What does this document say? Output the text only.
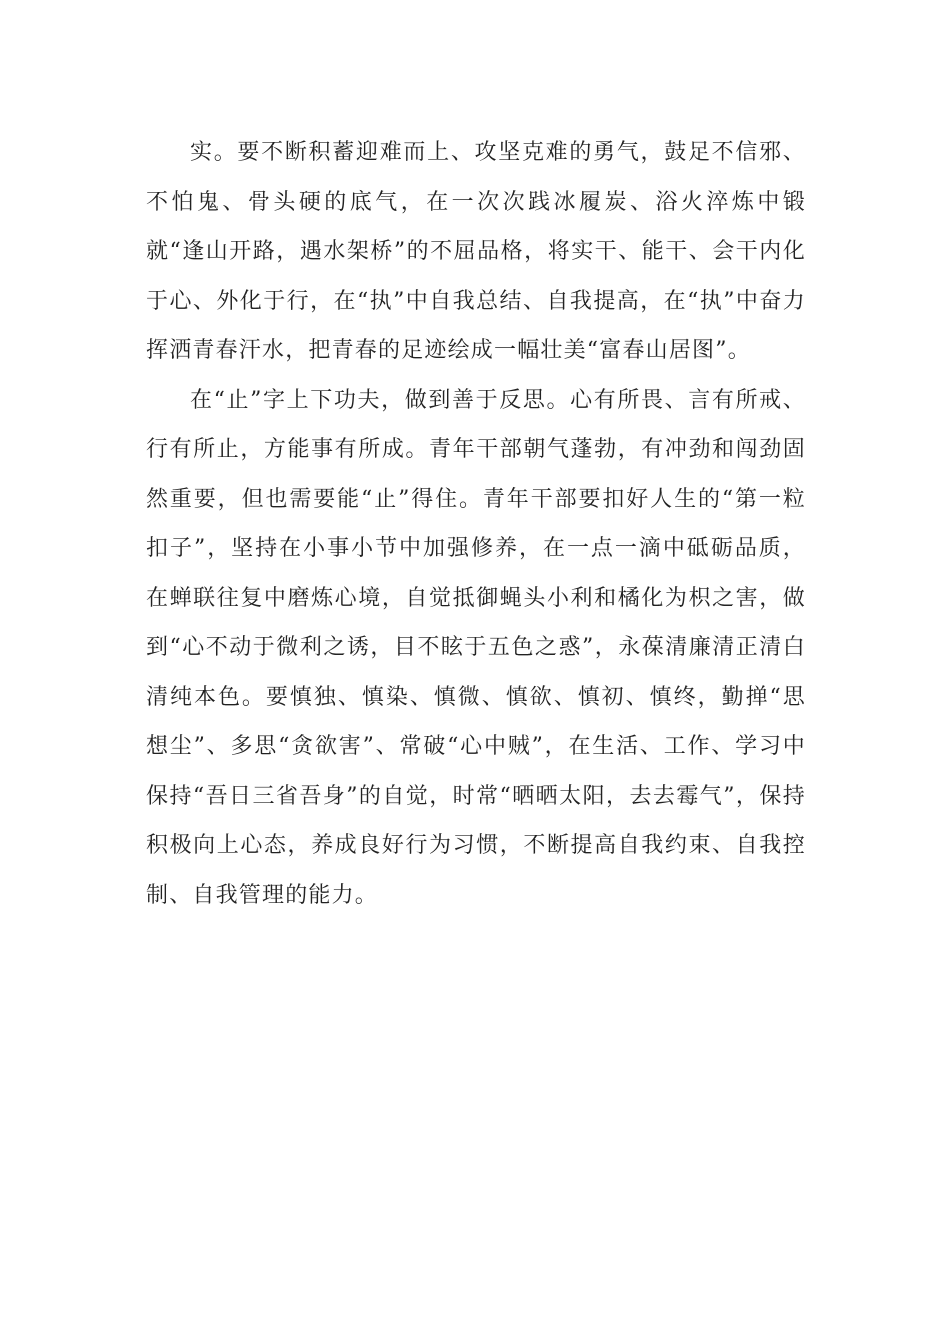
实。要不断积蓄迎难而上、攻坚克难的勇气，鼓足不信邪、不怕鬼、骨头硬的底气，在一次次践冰履炭、浴火淬炼中锻就“逢山开路，遇水架桥”的不屈品格，将实干、能干、会干内化于心、外化于行，在“执”中自我总结、自我提高，在“执”中奋力挥洒青春汗水，把青春的足迹绘成一幅壮美“富春山居图”。

在“止”字上下功夫，做到善于反思。心有所畏、言有所戒、行有所止，方能事有所成。青年干部朝气蓬勃，有冲劲和闯劲固然重要，但也需要能“止”得住。青年干部要扣好人生的“第一粒扣子”，坚持在小事小节中加强修养，在一点一滴中砥砺品质，在蝉联往复中磨炼心境，自觉抵御蝇头小利和橘化为枳之害，做到“心不动于微利之诱，目不眩于五色之惑”，永葆清廉清正清白清纯本色。要慎独、慎染、慎微、慎欲、慎初、慎终，勤掸“思想尘”、多思“贪欲害”、常破“心中贼”，在生活、工作、学习中保持“吾日三省吾身”的自觉，时常“晒晒太阳，去去霉气”，保持积极向上心态，养成良好行为习惯，不断提高自我约束、自我控制、自我管理的能力。
